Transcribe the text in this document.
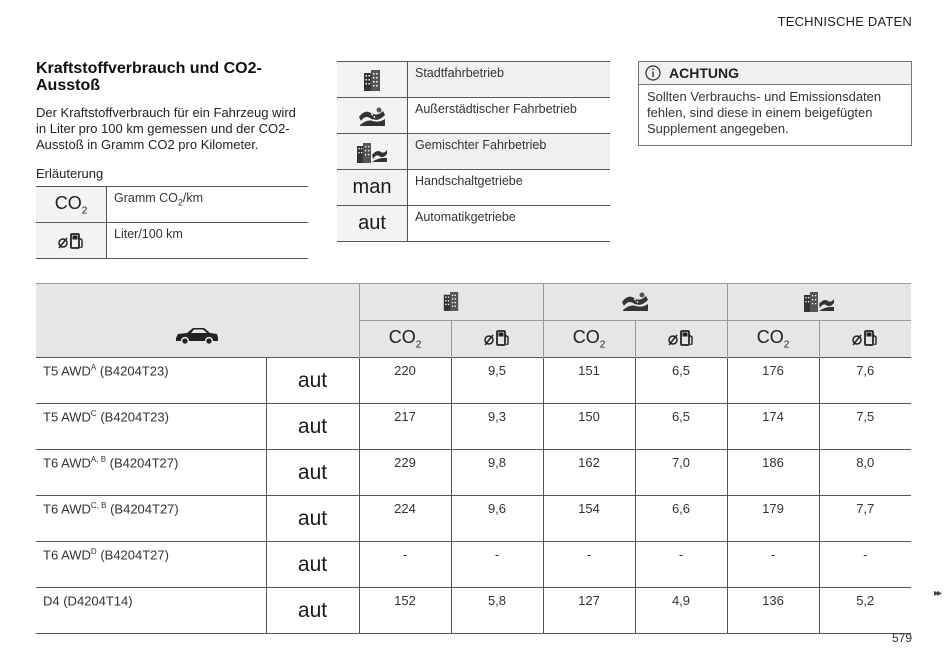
TECHNISCHE DATEN
Kraftstoffverbrauch und CO2-Ausstoß

Der Kraftstoffverbrauch für ein Fahrzeug wird in Liter pro 100 km gemessen und der CO2-Ausstoß in Gramm CO2 pro Kilometer.

Erläuterung
$CO_2$	Gramm $CO_2/km$
	Liter/100 km
	Stadtfahrbetrieb
	Außerstädtischer Fahrbetrieb
	Gemischter Fahrbetrieb
man	Handschaltgetriebe
aut	Automatikgetriebe
ACHTUNG
Sollten Verbrauchs- und Emissionsdaten fehlen, sind diese in einem beigefügten Supplement angegeben.

		$CO_2$		$CO_2$		$CO_2$	
T5 $AWD^A$ (B4204T23)	aut	220	9,5	151	6,5	176	7,6
T5 $AWD^C$ (B4204T23)	aut	217	9,3	150	6,5	174	7,5
T6 $AWD^{A, B}$ (B4204T27)	aut	229	9,8	162	7,0	186	8,0
T6 $AWD^{C, B}$ (B4204T27)	aut	224	9,6	154	6,6	179	7,7
T6 $AWD^D$ (B4204T27)	aut	-	-	-	-	-	-
D4 (D4204T14)	aut	152	5,8	127	4,9	136	5,2	▸▸
579
